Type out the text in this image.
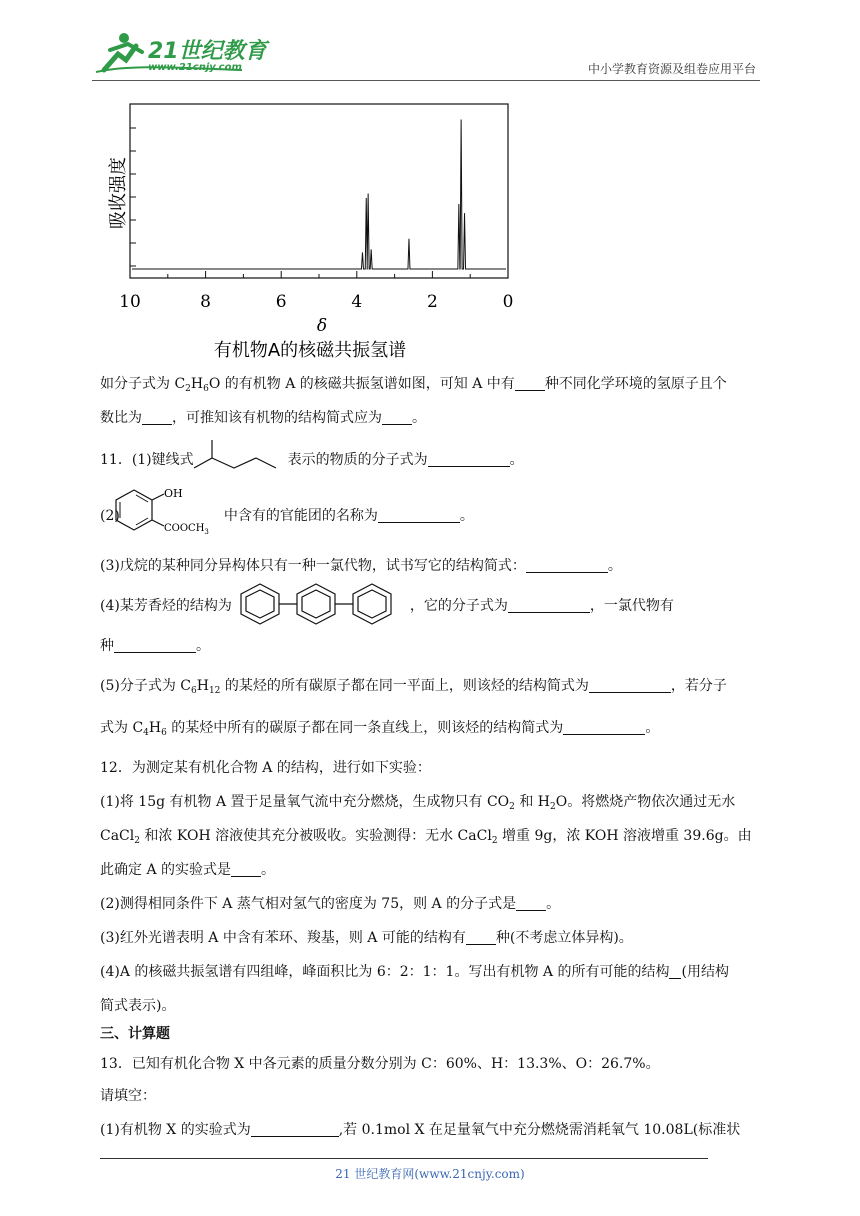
21世纪教育
www.21cnjy.com	中小学教育资源及组卷应用平台
10	8	6	4	2	0
吸收强度
δ
有机物A的核磁共振氢谱
如分子式为 $C_2H_6O$ 的有机物 A 的核磁共振氢谱如图，可知 A 中有 种不同化学环境的氢原子且个
数比为 ，可推知该有机物的结构简式应为 。
11．(1)键线式	表示的物质的分子式为	。
OH
$COOCH_3$
(2)	中含有的官能团的名称为	。
(3)戊烷的某种同分异构体只有一种一氯代物，试书写它的结构简式：	。
(4)某芳香烃的结构为	，它的分子式为	，一氯代物有
种	。
(5)分子式为 $C_6H_{12}$ 的某烃的所有碳原子都在同一平面上，则该烃的结构简式为	，若分子
式为 $C_4H_6$ 的某烃中所有的碳原子都在同一条直线上，则该烃的结构简式为	。
12．为测定某有机化合物 A 的结构，进行如下实验：
(1)将 15g 有机物 A 置于足量氧气流中充分燃烧，生成物只有 $CO_2$ 和 $H_2O$。将燃烧产物依次通过无水
CaCl$_2$ 和浓 KOH 溶液使其充分被吸收。实验测得：无水 CaCl$_2$ 增重 9g，浓 KOH 溶液增重 39.6g。由
此确定 A 的实验式是 。
(2)测得相同条件下 A 蒸气相对氢气的密度为 75，则 A 的分子式是 。
(3)红外光谱表明 A 中含有苯环、羧基，则 A 可能的结构有 种(不考虑立体异构)。
(4)A 的核磁共振氢谱有四组峰，峰面积比为 6：2：1：1。写出有机物 A 的所有可能的结构 (用结构
简式表示)。
三、计算题
13．已知有机化合物 X 中各元素的质量分数分别为 C：60%、H：13.3%、O：26.7%。
请填空：
(1)有机物 X 的实验式为	,若 0.1mol X 在足量氧气中充分燃烧需消耗氧气 10.08L(标准状
21 世纪教育网(www.21cnjy.com)
